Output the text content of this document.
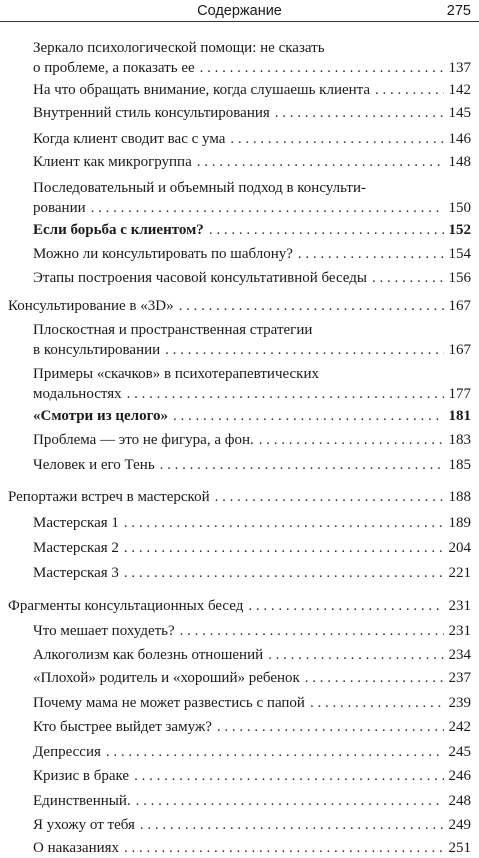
Содержание	275
Зеркало психологической помощи: не сказать
о проблеме, а показать ее . . .	137
На что обращать внимание, когда слушаешь клиента . . .	142
Внутренний стиль консультирования . . .	145
Когда клиент сводит вас с ума . . .	146
Клиент как микрогруппа . . .	148
Последовательный и объемный подход в консульти-
ровании . . .	150
Если борьба с клиентом? . . .	152
Можно ли консультировать по шаблону? . . .	154
Этапы построения часовой консультативной беседы . . .	156
Консультирование в «3D» . . .	167
Плоскостная и пространственная стратегии
в консультировании . . .	167
Примеры «скачков» в психотерапевтических
модальностях . . .	177
«Смотри из целого» . . .	181
Проблема — это не фигура, а фон. . . .	183
Человек и его Тень . . .	185
Репортажи встреч в мастерской . . .	188
Мастерская 1 . . .	189
Мастерская 2 . . .	204
Мастерская 3 . . .	221
Фрагменты консультационных бесед . . .	231
Что мешает похудеть? . . .	231
Алкоголизм как болезнь отношений . . .	234
«Плохой» родитель и «хороший» ребенок . . .	237
Почему мама не может развестись с папой . . .	239
Кто быстрее выйдет замуж? . . .	242
Депрессия . . .	245
Кризис в браке . . .	246
Единственный. . . .	248
Я ухожу от тебя . . .	249
О наказаниях . . .	251
